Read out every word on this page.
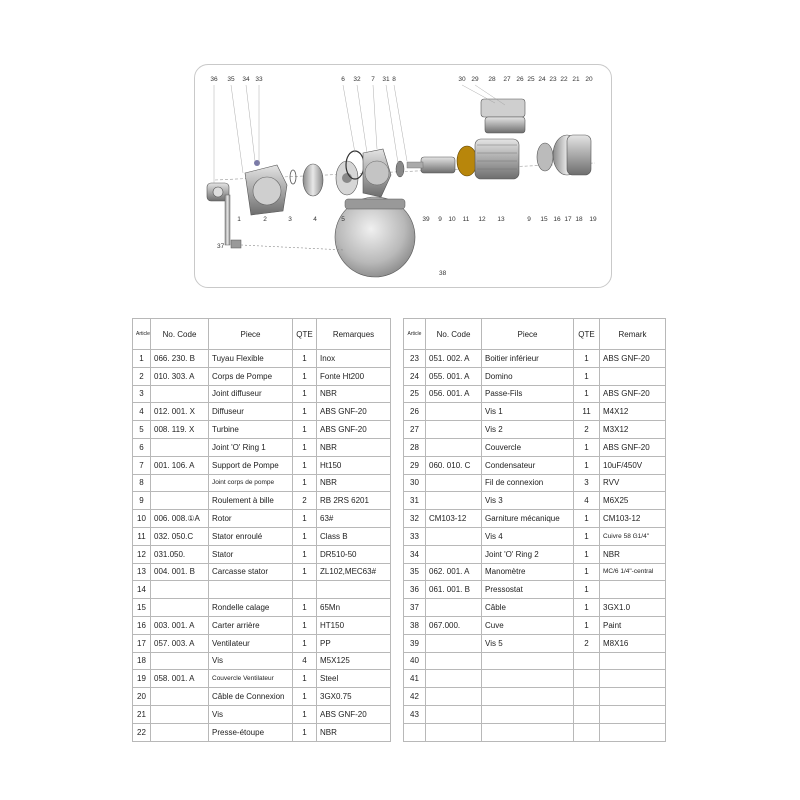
36 35 34 33	6 32 7 31 8	30 29 28 27 26 25 24 23 22 21 20
1	2	3	4	5	39 9 10 11 12 13	9 15 16 17 18 19
37
38
Article	No. Code	Piece	QTE	Remarques
1	066. 230. B	Tuyau Flexible	1	Inox
2	010. 303. A	Corps de Pompe	1	Fonte Ht200
3		Joint diffuseur	1	NBR
4	012. 001. X	Diffuseur	1	ABS GNF-20
5	008. 119. X	Turbine	1	ABS GNF-20
6		Joint 'O' Ring 1	1	NBR
7	001. 106. A	Support de Pompe	1	Ht150
8		Joint corps de pompe	1	NBR
9		Roulement à bille	2	RB 2RS 6201
10	006. 008.①A	Rotor	1	63#
11	032. 050.C	Stator enroulé	1	Class B
12	031.050.	Stator	1	DR510-50
13	004. 001. B	Carcasse stator	1	ZL102,MEC63#
14				
15		Rondelle calage	1	65Mn
16	003. 001. A	Carter arrière	1	HT150
17	057. 003. A	Ventilateur	1	PP
18		Vis	4	M5X125
19	058. 001. A	Couvercle Ventilateur	1	Steel
20		Câble de Connexion	1	3GX0.75
21		Vis	1	ABS GNF-20
22		Presse-étoupe	1	NBR
Article	No. Code	Piece	QTE	Remark
23	051. 002. A	Boitier inférieur	1	ABS GNF-20
24	055. 001. A	Domino	1	
25	056. 001. A	Passe-Fils	1	ABS GNF-20
26		Vis 1	11	M4X12
27		Vis 2	2	M3X12
28		Couvercle	1	ABS GNF-20
29	060. 010. C	Condensateur	1	10uF/450V
30		Fil de connexion	3	RVV
31		Vis 3	4	M6X25
32	CM103-12	Garniture mécanique	1	CM103-12
33		Vis 4	1	Cuivre 58 G1/4"
34		Joint 'O' Ring 2	1	NBR
35	062. 001. A	Manomètre	1	MC/6 1/4"-central
36	061. 001. B	Pressostat	1	
37		Câble	1	3GX1.0
38	067.000.	Cuve	1	Paint
39		Vis 5	2	M8X16
40				
41				
42				
43				
